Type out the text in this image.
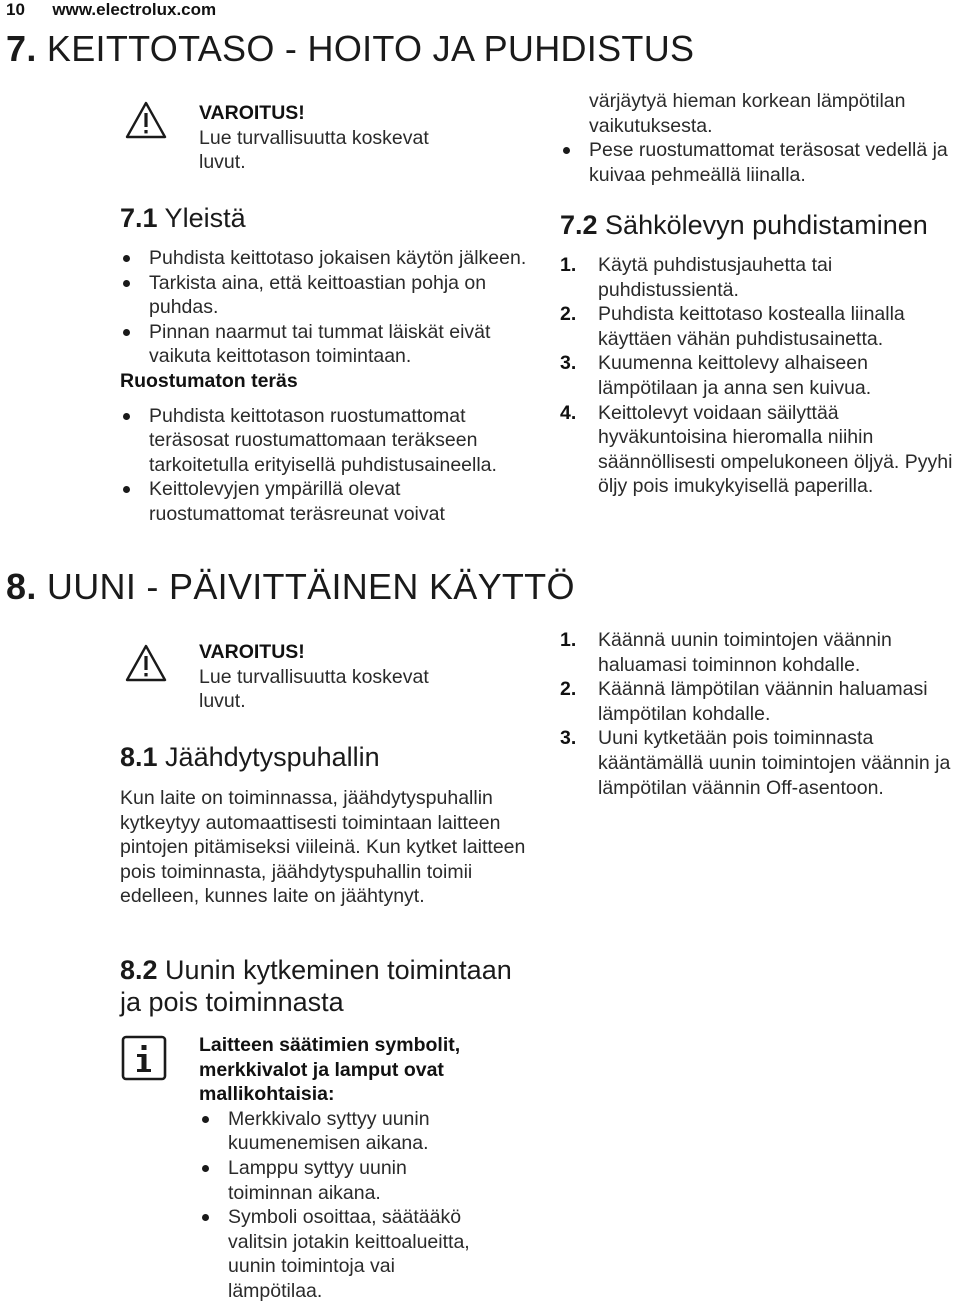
10 www.electrolux.com
7. KEITTOTASO - HOITO JA PUHDISTUS
VAROITUS!
Lue turvallisuutta koskevat luvut.
7.1 Yleistä
Puhdista keittotaso jokaisen käytön jälkeen.
Tarkista aina, että keittoastian pohja on puhdas.
Pinnan naarmut tai tummat läiskät eivät vaikuta keittotason toimintaan.
Ruostumaton teräs
Puhdista keittotason ruostumattomat teräsosat ruostumattomaan teräkseen tarkoitetulla erityisellä puhdistusaineella.
Keittolevyjen ympärillä olevat ruostumattomat teräsreunat voivat
värjäytyä hieman korkean lämpötilan vaikutuksesta.
Pese ruostumattomat teräsosat vedellä ja kuivaa pehmeällä liinalla.
7.2 Sähkölevyn puhdistaminen
1. Käytä puhdistusjauhetta tai puhdistussientä.
2. Puhdista keittotaso kostealla liinalla käyttäen vähän puhdistusainetta.
3. Kuumenna keittolevy alhaiseen lämpötilaan ja anna sen kuivua.
4. Keittolevyt voidaan säilyttää hyväkuntoisina hieromalla niihin säännöllisesti ompelukoneen öljyä. Pyyhi öljy pois imukykyisellä paperilla.
8. UUNI - PÄIVITTÄINEN KÄYTTÖ
VAROITUS!
Lue turvallisuutta koskevat luvut.
8.1 Jäähdytyspuhallin
Kun laite on toiminnassa, jäähdytyspuhallin kytkeytyy automaattisesti toimintaan laitteen pintojen pitämiseksi viileinä. Kun kytket laitteen pois toiminnasta, jäähdytyspuhallin toimii edelleen, kunnes laite on jäähtynyt.
8.2 Uunin kytkeminen toimintaan ja pois toiminnasta
Laitteen säätimien symbolit, merkkivalot ja lamput ovat mallikohtaisia:
Merkkivalo syttyy uunin kuumenemisen aikana.
Lamppu syttyy uunin toiminnan aikana.
Symboli osoittaa, säätääkö valitsin jotakin keittoalueitta, uunin toimintoja vai lämpötilaa.
1. Käännä uunin toimintojen väännin haluamasi toiminnon kohdalle.
2. Käännä lämpötilan väännin haluamasi lämpötilan kohdalle.
3. Uuni kytketään pois toiminnasta kääntämällä uunin toimintojen väännin ja lämpötilan väännin Off-asentoon.
